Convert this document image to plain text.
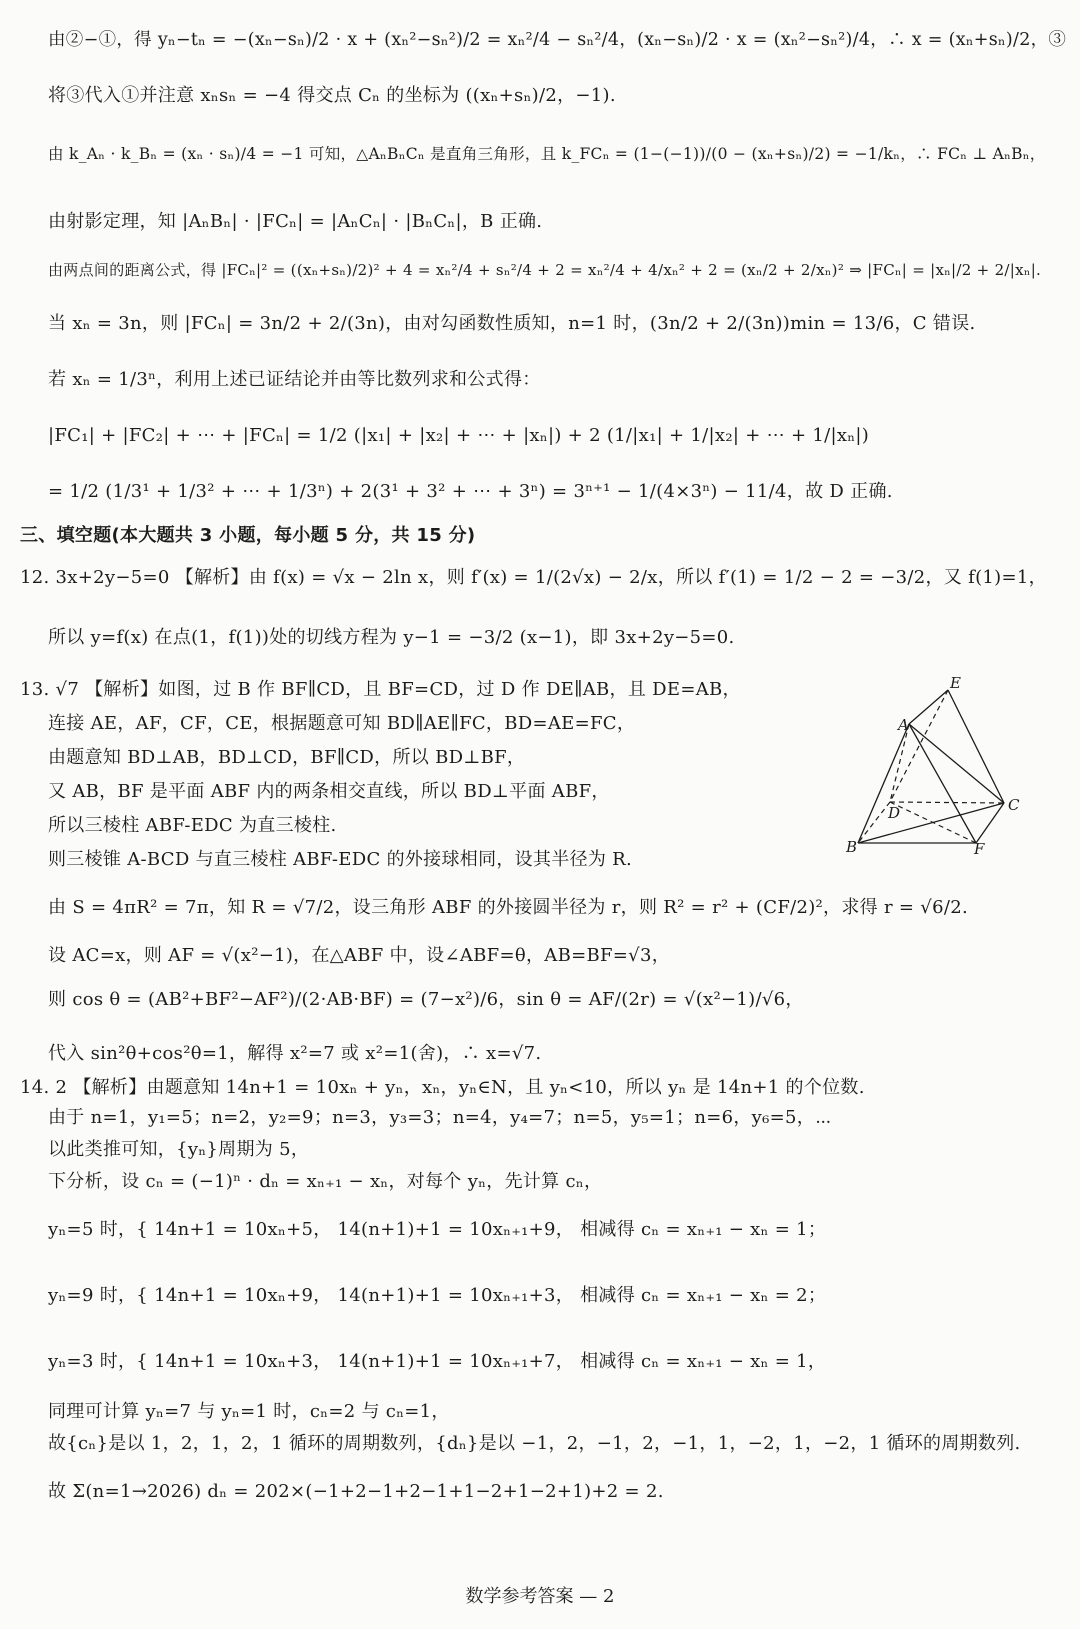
由②−①，得 yₙ−tₙ = −(xₙ−sₙ)/2 · x + (xₙ²−sₙ²)/2 = xₙ²/4 − sₙ²/4，(xₙ−sₙ)/2 · x = (xₙ²−sₙ²)/4，∴ x = (xₙ+sₙ)/2，③
将③代入①并注意 xₙsₙ = −4 得交点 Cₙ 的坐标为 ((xₙ+sₙ)/2，−1).
由 k_Aₙ · k_Bₙ = (xₙ · sₙ)/4 = −1 可知，△AₙBₙCₙ 是直角三角形，且 k_FCₙ = (1−(−1))/(0 − (xₙ+sₙ)/2) = −1/kₙ，∴ FCₙ ⊥ AₙBₙ，
由射影定理，知 |AₙBₙ| · |FCₙ| = |AₙCₙ| · |BₙCₙ|，B 正确.
由两点间的距离公式，得 |FCₙ|² = ((xₙ+sₙ)/2)² + 4 = xₙ²/4 + sₙ²/4 + 2 = xₙ²/4 + 4/xₙ² + 2 = (xₙ/2 + 2/xₙ)² ⇒ |FCₙ| = |xₙ|/2 + 2/|xₙ|.
当 xₙ = 3n，则 |FCₙ| = 3n/2 + 2/(3n)，由对勾函数性质知，n=1 时，(3n/2 + 2/(3n))min = 13/6，C 错误.
若 xₙ = 1/3ⁿ，利用上述已证结论并由等比数列求和公式得：
|FC₁| + |FC₂| + ⋯ + |FCₙ| = 1/2 (|x₁| + |x₂| + ⋯ + |xₙ|) + 2 (1/|x₁| + 1/|x₂| + ⋯ + 1/|xₙ|)
= 1/2 (1/3¹ + 1/3² + ⋯ + 1/3ⁿ) + 2(3¹ + 3² + ⋯ + 3ⁿ) = 3ⁿ⁺¹ − 1/(4×3ⁿ) − 11/4，故 D 正确.
三、填空题(本大题共 3 小题，每小题 5 分，共 15 分)
12. 3x+2y−5=0 【解析】由 f(x) = √x − 2ln x，则 f′(x) = 1/(2√x) − 2/x，所以 f′(1) = 1/2 − 2 = −3/2，又 f(1)=1，
所以 y=f(x) 在点(1，f(1))处的切线方程为 y−1 = −3/2 (x−1)，即 3x+2y−5=0.
13. √7 【解析】如图，过 B 作 BF∥CD，且 BF=CD，过 D 作 DE∥AB，且 DE=AB，
连接 AE，AF，CF，CE，根据题意可知 BD∥AE∥FC，BD=AE=FC，
由题意知 BD⊥AB，BD⊥CD，BF∥CD，所以 BD⊥BF，
又 AB，BF 是平面 ABF 内的两条相交直线，所以 BD⊥平面 ABF，
所以三棱柱 ABF-EDC 为直三棱柱.
则三棱锥 A-BCD 与直三棱柱 ABF-EDC 的外接球相同，设其半径为 R.
由 S = 4πR² = 7π，知 R = √7/2，设三角形 ABF 的外接圆半径为 r，则 R² = r² + (CF/2)²，求得 r = √6/2.
设 AC=x，则 AF = √(x²−1)，在△ABF 中，设∠ABF=θ，AB=BF=√3，
则 cos θ = (AB²+BF²−AF²)/(2·AB·BF) = (7−x²)/6，sin θ = AF/(2r) = √(x²−1)/√6，
代入 sin²θ+cos²θ=1，解得 x²=7 或 x²=1(舍)，∴ x=√7.
E
A
D	C
B	F
14. 2 【解析】由题意知 14n+1 = 10xₙ + yₙ，xₙ，yₙ∈N，且 yₙ<10，所以 yₙ 是 14n+1 的个位数.
由于 n=1，y₁=5；n=2，y₂=9；n=3，y₃=3；n=4，y₄=7；n=5，y₅=1；n=6，y₆=5，⋯
以此类推可知，{yₙ}周期为 5，
下分析，设 cₙ = (−1)ⁿ · dₙ = xₙ₊₁ − xₙ，对每个 yₙ，先计算 cₙ，
yₙ=5 时，{ 14n+1 = 10xₙ+5， 14(n+1)+1 = 10xₙ₊₁+9， 相减得 cₙ = xₙ₊₁ − xₙ = 1；
yₙ=9 时，{ 14n+1 = 10xₙ+9， 14(n+1)+1 = 10xₙ₊₁+3， 相减得 cₙ = xₙ₊₁ − xₙ = 2；
yₙ=3 时，{ 14n+1 = 10xₙ+3， 14(n+1)+1 = 10xₙ₊₁+7， 相减得 cₙ = xₙ₊₁ − xₙ = 1，
同理可计算 yₙ=7 与 yₙ=1 时，cₙ=2 与 cₙ=1，
故{cₙ}是以 1，2，1，2，1 循环的周期数列，{dₙ}是以 −1，2，−1，2，−1，1，−2，1，−2，1 循环的周期数列.
故 Σ(n=1→2026) dₙ = 202×(−1+2−1+2−1+1−2+1−2+1)+2 = 2.
数学参考答案 — 2
